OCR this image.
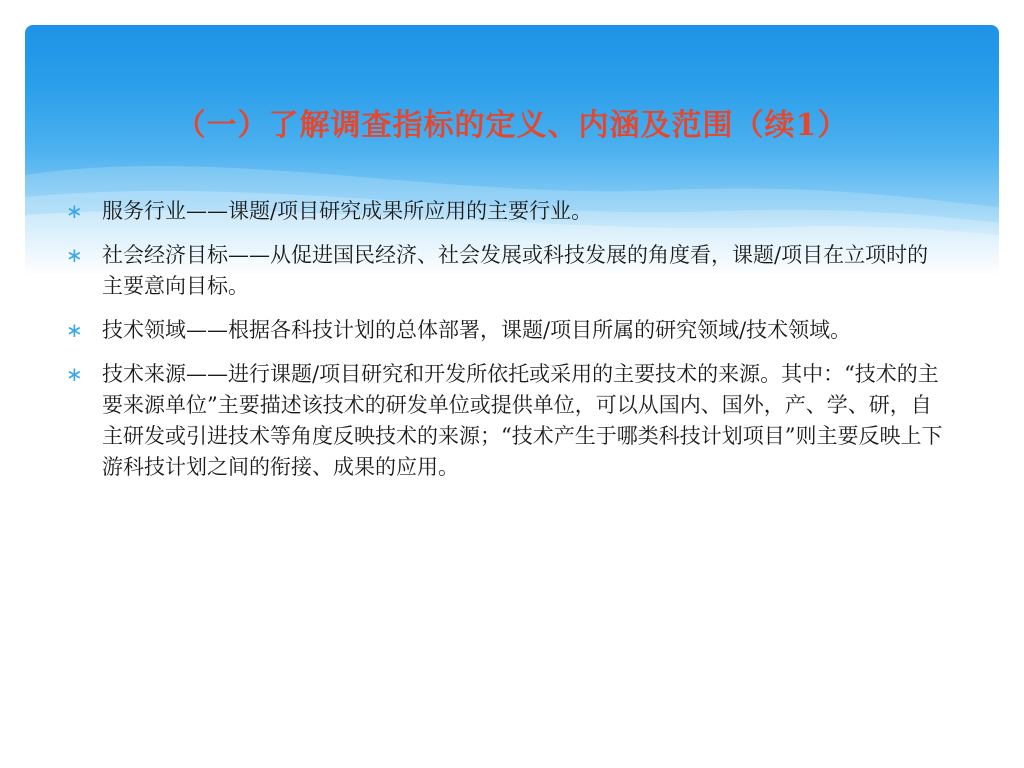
（一）了解调查指标的定义、内涵及范围（续1）
∗ 服务行业——课题/项目研究成果所应用的主要行业。
∗ 社会经济目标——从促进国民经济、社会发展或科技发展的角度看，课题/项目在立项时的主要意向目标。
∗ 技术领域——根据各科技计划的总体部署，课题/项目所属的研究领域/技术领域。
∗ 技术来源——进行课题/项目研究和开发所依托或采用的主要技术的来源。其中：“技术的主要来源单位”主要描述该技术的研发单位或提供单位，可以从国内、国外，产、学、研，自主研发或引进技术等角度反映技术的来源；“技术产生于哪类科技计划项目”则主要反映上下游科技计划之间的衔接、成果的应用。
